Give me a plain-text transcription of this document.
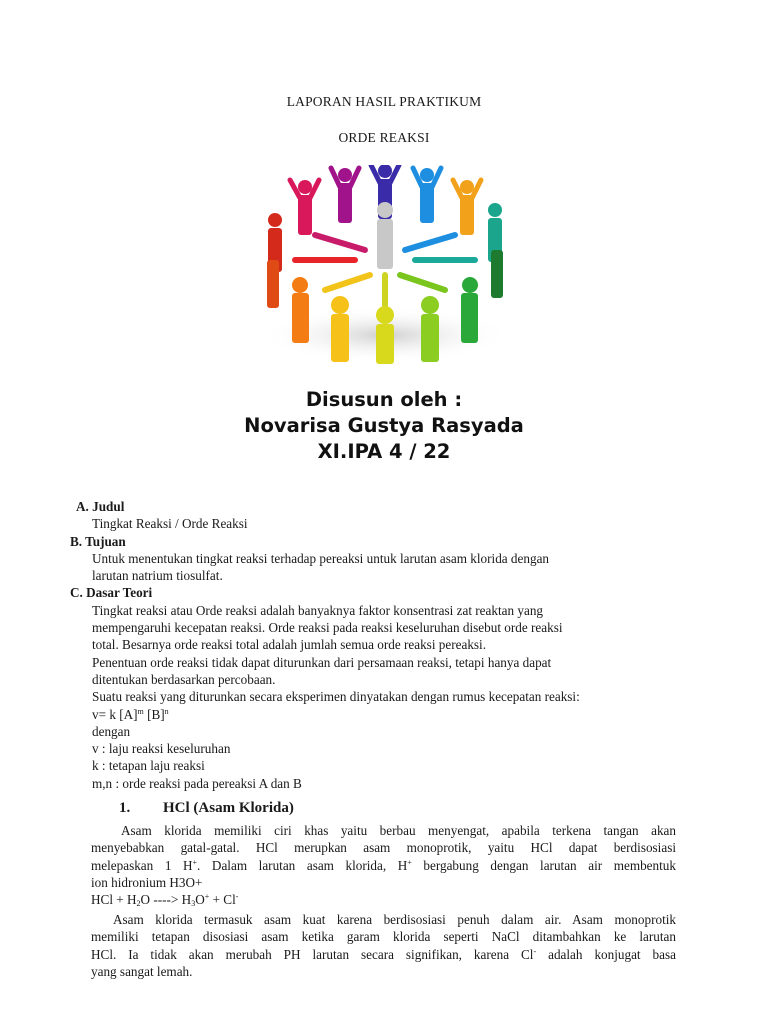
LAPORAN HASIL PRAKTIKUM
ORDE REAKSI
Disusun oleh :
Novarisa Gustya Rasyada
XI.IPA 4 / 22
A. Judul
Tingkat Reaksi / Orde Reaksi
B. Tujuan
Untuk menentukan tingkat reaksi terhadap pereaksi untuk larutan asam klorida dengan
larutan natrium tiosulfat.
C. Dasar Teori
Tingkat reaksi atau Orde reaksi adalah banyaknya faktor konsentrasi zat reaktan yang
mempengaruhi kecepatan reaksi. Orde reaksi pada reaksi keseluruhan disebut orde reaksi
total. Besarnya orde reaksi total adalah jumlah semua orde reaksi pereaksi.
Penentuan orde reaksi tidak dapat diturunkan dari persamaan reaksi, tetapi hanya dapat
ditentukan berdasarkan percobaan.
Suatu reaksi yang diturunkan secara eksperimen dinyatakan dengan rumus kecepatan reaksi:
v= k $[A]^m$ $[B]^n$
dengan
v : laju reaksi keseluruhan
k : tetapan laju reaksi
m,n : orde reaksi pada pereaksi A dan B
1. HCl (Asam Klorida)
Asam klorida memiliki ciri khas yaitu berbau menyengat, apabila terkena tangan akan
menyebabkan gatal-gatal. HCl merupkan asam monoprotik, yaitu HCl dapat berdisosiasi
melepaskan 1 H+. Dalam larutan asam klorida, H+ bergabung dengan larutan air membentuk
ion hidronium H3O+
HCl + $H_2O$ ----> $H_3O^+ + Cl^-$
Asam klorida termasuk asam kuat karena berdisosiasi penuh dalam air. Asam monoprotik
memiliki tetapan disosiasi asam ketika garam klorida seperti NaCl ditambahkan ke larutan
HCl. Ia tidak akan merubah PH larutan secara signifikan, karena Cl- adalah konjugat basa
yang sangat lemah.
